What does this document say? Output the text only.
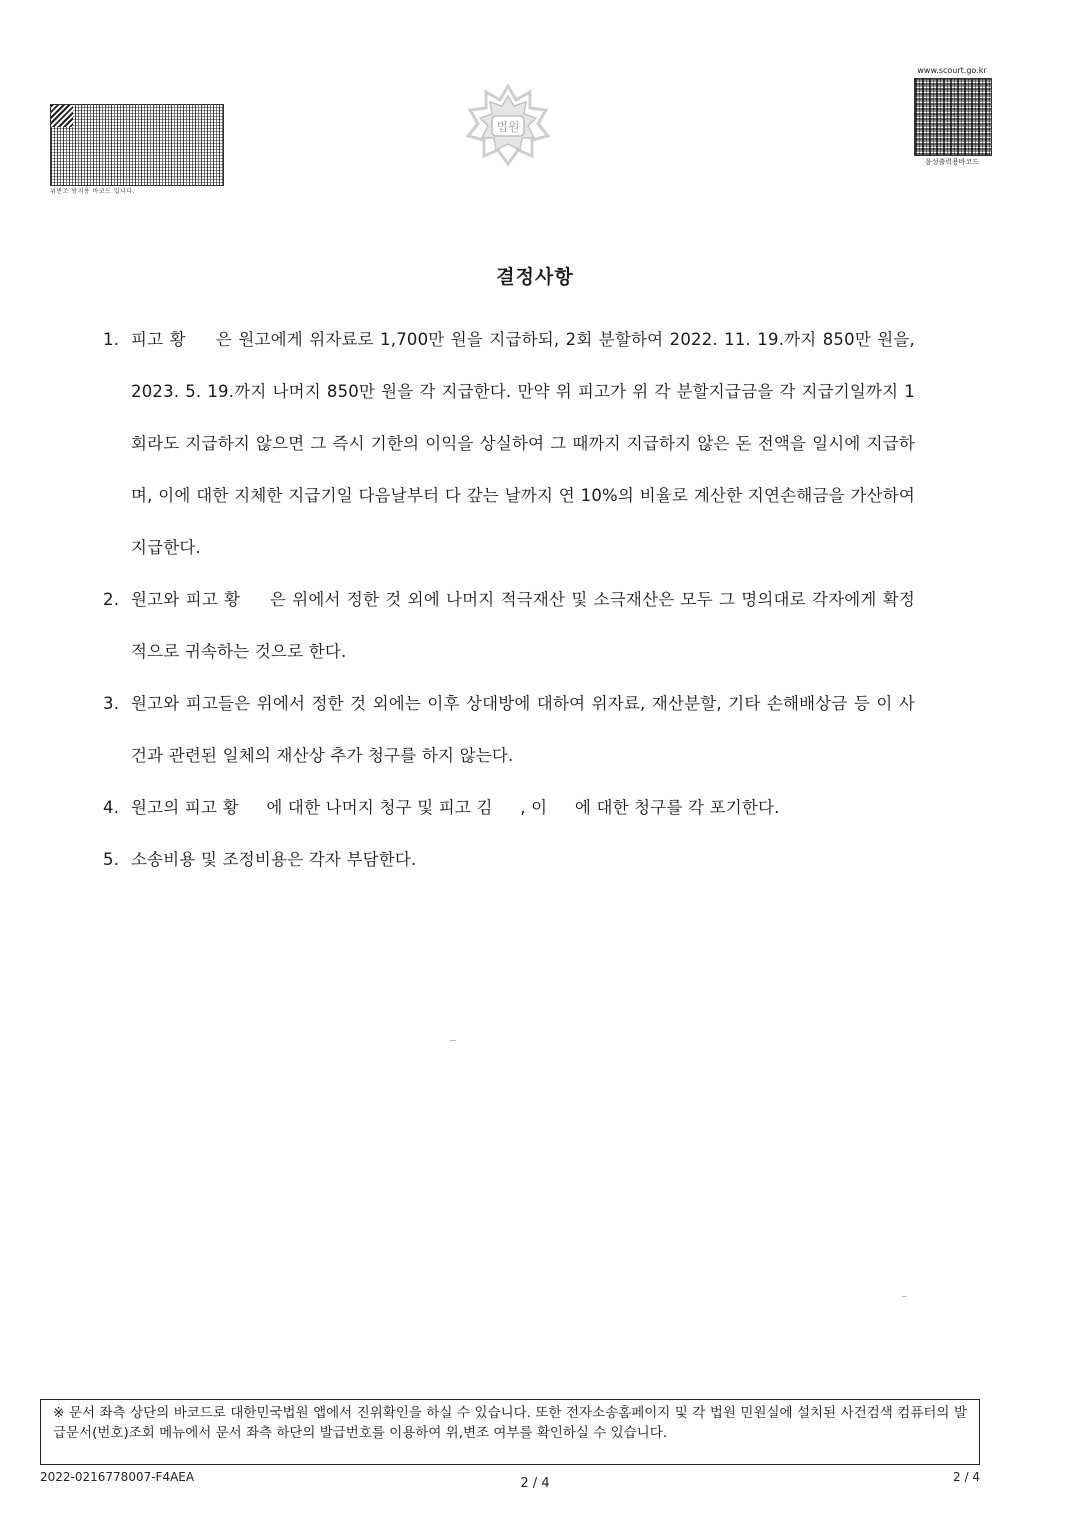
위변조 방지용 바코드 입니다.
법원
www.scourt.go.kr
음성출력용바코드
결정사항
1. 피고 황 　 은 원고에게 위자료로 1,700만 원을 지급하되, 2회 분할하여 2022. 11. 19.까지 850만 원을, 2023. 5. 19.까지 나머지 850만 원을 각 지급한다. 만약 위 피고가 위 각 분할지급금을 각 지급기일까지 1회라도 지급하지 않으면 그 즉시 기한의 이익을 상실하여 그 때까지 지급하지 않은 돈 전액을 일시에 지급하며, 이에 대한 지체한 지급기일 다음날부터 다 갚는 날까지 연 10%의 비율로 계산한 지연손해금을 가산하여 지급한다.
2. 원고와 피고 황 　 은 위에서 정한 것 외에 나머지 적극재산 및 소극재산은 모두 그 명의대로 각자에게 확정적으로 귀속하는 것으로 한다.
3. 원고와 피고들은 위에서 정한 것 외에는 이후 상대방에 대하여 위자료, 재산분할, 기타 손해배상금 등 이 사건과 관련된 일체의 재산상 추가 청구를 하지 않는다.
4. 원고의 피고 황 　 에 대한 나머지 청구 및 피고 김 　 , 이 　 에 대한 청구를 각 포기한다.
5. 소송비용 및 조정비용은 각자 부담한다.
※ 문서 좌측 상단의 바코드로 대한민국법원 앱에서 진위확인을 하실 수 있습니다. 또한 전자소송홈페이지 및 각 법원 민원실에 설치된 사건검색 컴퓨터의 발급문서(번호)조회 메뉴에서 문서 좌측 하단의 발급번호를 이용하여 위,변조 여부를 확인하실 수 있습니다.
2022-0216778007-F4AEA	2 / 4	2 / 4
